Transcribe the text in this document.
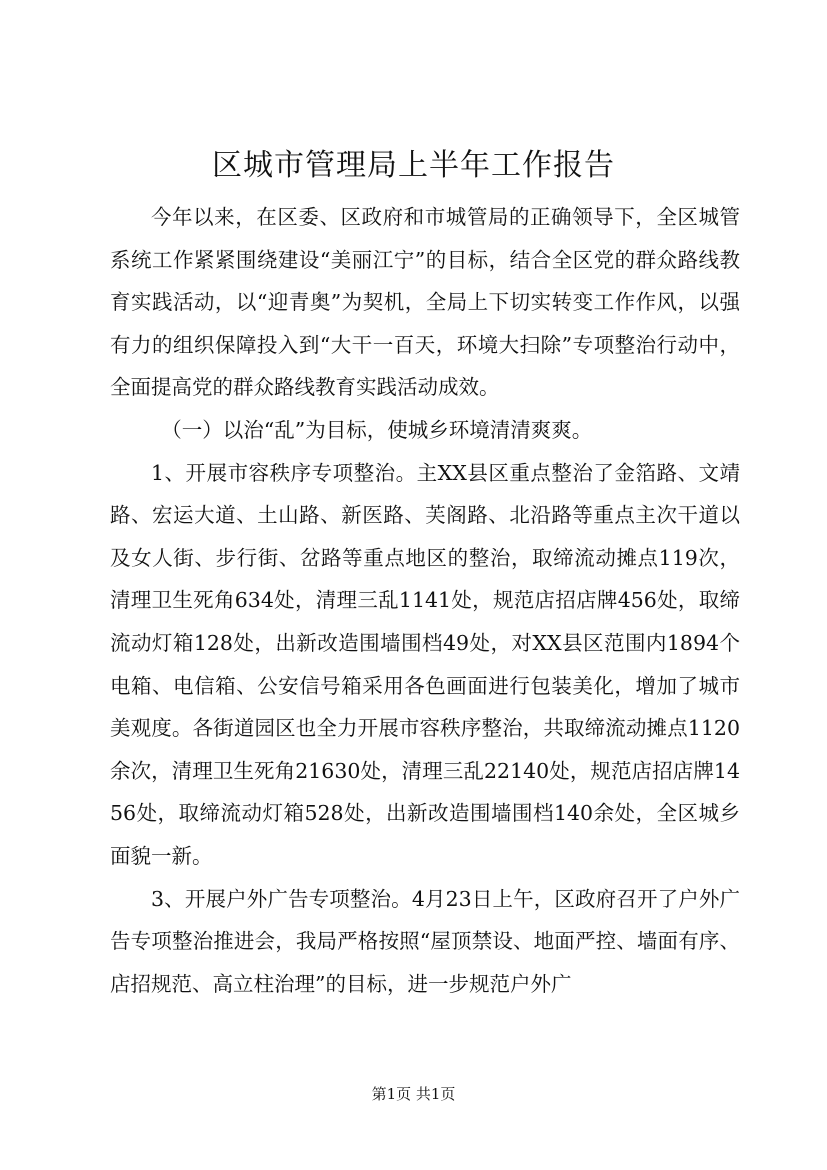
区城市管理局上半年工作报告

今年以来，在区委、区政府和市城管局的正确领导下，全区城管系统工作紧紧围绕建设“美丽江宁”的目标，结合全区党的群众路线教育实践活动，以“迎青奥”为契机，全局上下切实转变工作作风，以强有力的组织保障投入到“大干一百天，环境大扫除”专项整治行动中，全面提高党的群众路线教育实践活动成效。

（一）以治“乱”为目标，使城乡环境清清爽爽。

1、开展市容秩序专项整治。主XX县区重点整治了金箔路、文靖路、宏运大道、土山路、新医路、芙阁路、北沿路等重点主次干道以及女人街、步行街、岔路等重点地区的整治，取缔流动摊点119次，清理卫生死角634处，清理三乱1141处，规范店招店牌456处，取缔流动灯箱128处，出新改造围墙围档49处，对XX县区范围内1894个电箱、电信箱、公安信号箱采用各色画面进行包装美化，增加了城市美观度。各街道园区也全力开展市容秩序整治，共取缔流动摊点1120余次，清理卫生死角21630处，清理三乱22140处，规范店招店牌1456处，取缔流动灯箱528处，出新改造围墙围档140余处，全区城乡面貌一新。

3、开展户外广告专项整治。4月23日上午，区政府召开了户外广告专项整治推进会，我局严格按照“屋顶禁设、地面严控、墙面有序、店招规范、高立柱治理”的目标，进一步规范户外广

第1页 共1页
